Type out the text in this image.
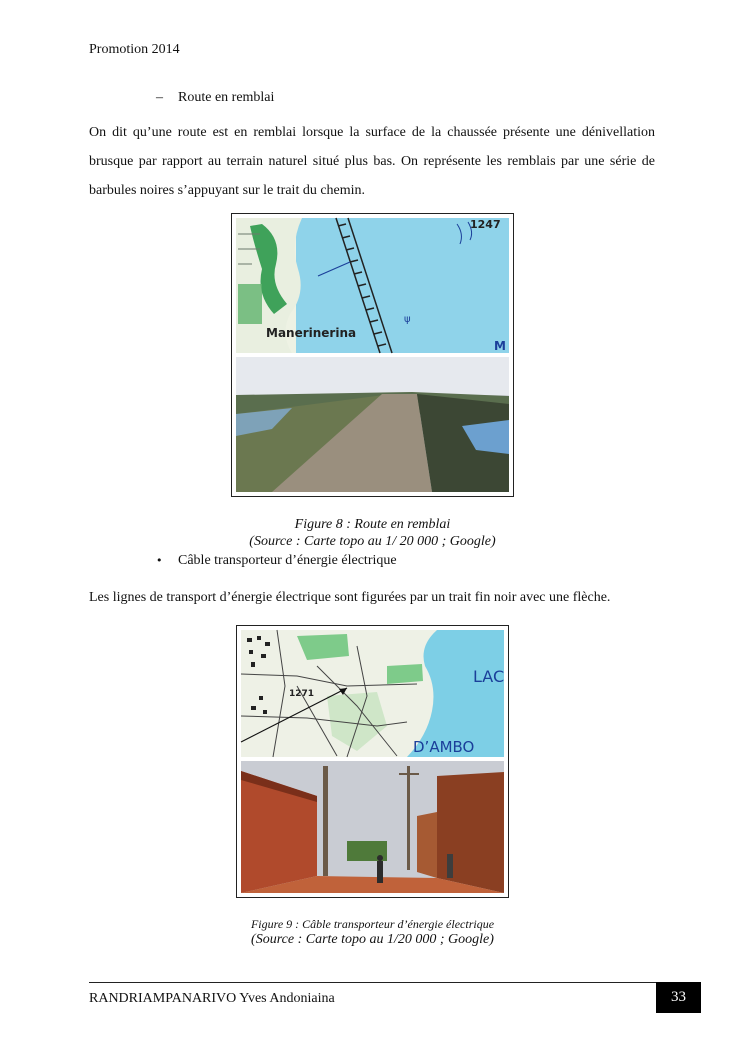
Promotion 2014
– Route en remblai

On dit qu’une route est en remblai lorsque la surface de la chaussée présente une dénivellation brusque par rapport au terrain naturel situé plus bas. On représente les remblais par une série de barbules noires s’appuyant sur le trait du chemin.

ψ
1247
Manerinerina
M
Figure 8 : Route en remblai
(Source : Carte topo au 1/ 20 000 ; Google)
• Câble transporteur d’énergie électrique

Les lignes de transport d’énergie électrique sont figurées par un trait fin noir avec une flèche.

1271
LAC
D’AMBO
Figure 9 : Câble transporteur d’énergie électrique
(Source : Carte topo au 1/20 000 ; Google)
RANDRIAMPANARIVO Yves Andoniaina	33
